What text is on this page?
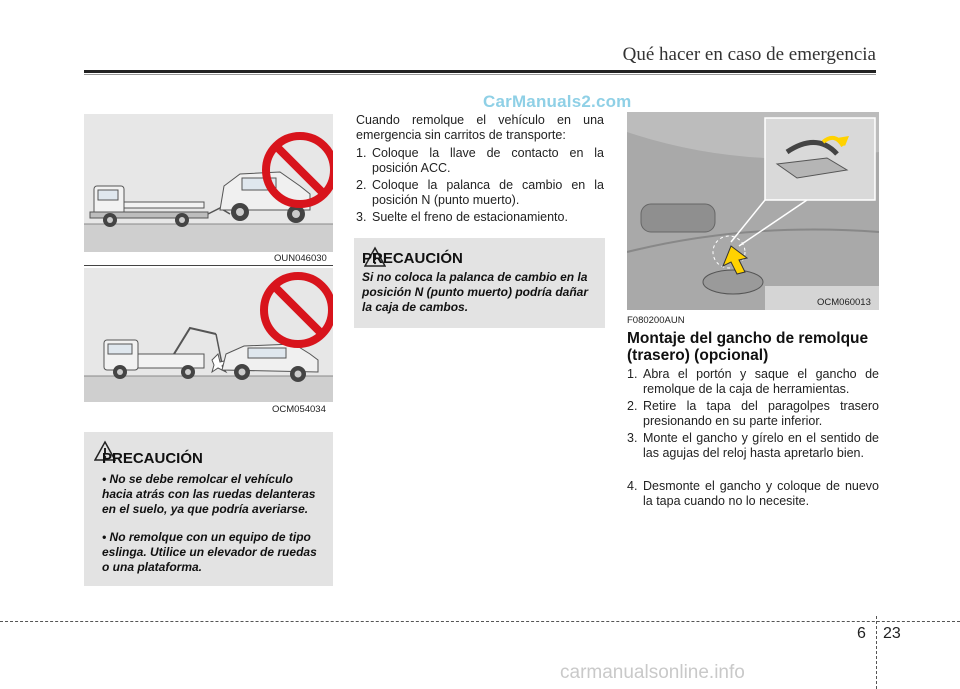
Qué hacer en caso de emergencia
CarManuals2.com
OUN046030
OCM054034
PRECAUCIÓN
• No se debe remolcar el vehículo hacia atrás con las ruedas delanteras en el suelo, ya que podría averiarse.
• No remolque con un equipo de tipo eslinga. Utilice un elevador de ruedas o una plataforma.
Cuando remolque el vehículo en una emergencia sin carritos de transporte:
1. Coloque la llave de contacto en la posición ACC.
2. Coloque la palanca de cambio en la posición N (punto muerto).
3. Suelte el freno de estacionamiento.
PRECAUCIÓN
Si no coloca la palanca de cambio en la posición N (punto muerto) podría dañar la caja de cambos.	OCM060013
F080200AUN
Montaje del gancho de remolque (trasero) (opcional)
1. Abra el portón y saque el gancho de remolque de la caja de herramientas.
2. Retire la tapa del paragolpes trasero presionando en su parte inferior.
3. Monte el gancho y gírelo en el sentido de las agujas del reloj hasta apretarlo bien.
4. Desmonte el gancho y coloque de nuevo la tapa cuando no lo necesite.
6 23
carmanualsonline.info
